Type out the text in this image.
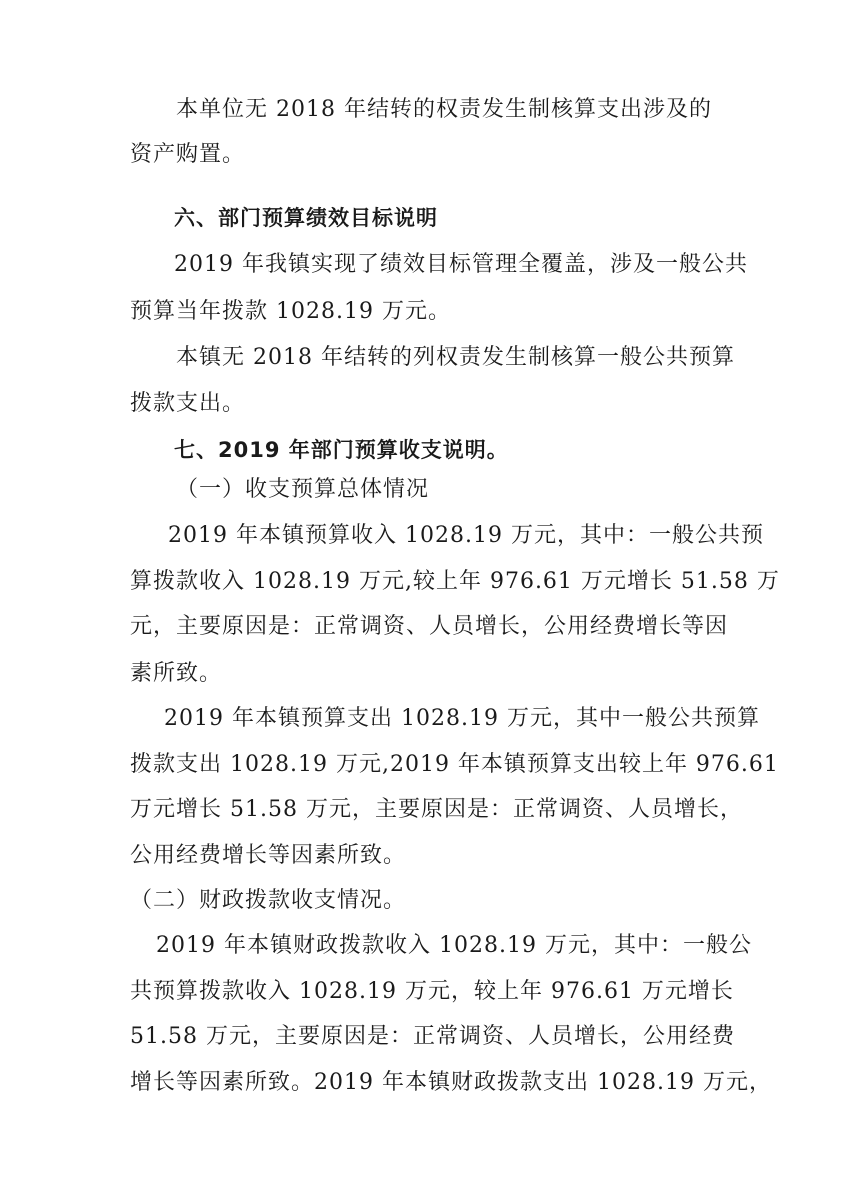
本单位无 2018 年结转的权责发生制核算支出涉及的
资产购置。
六、部门预算绩效目标说明
2019 年我镇实现了绩效目标管理全覆盖，涉及一般公共
预算当年拨款 1028.19 万元。
本镇无 2018 年结转的列权责发生制核算一般公共预算
拨款支出。
七、2019 年部门预算收支说明。
（一）收支预算总体情况
2019 年本镇预算收入 1028.19 万元，其中：一般公共预
算拨款收入 1028.19 万元,较上年 976.61 万元增长 51.58 万
元，主要原因是：正常调资、人员增长，公用经费增长等因
素所致。
2019 年本镇预算支出 1028.19 万元，其中一般公共预算
拨款支出 1028.19 万元,2019 年本镇预算支出较上年 976.61
万元增长 51.58 万元，主要原因是：正常调资、人员增长，
公用经费增长等因素所致。
（二）财政拨款收支情况。
2019 年本镇财政拨款收入 1028.19 万元，其中：一般公
共预算拨款收入 1028.19 万元，较上年 976.61 万元增长
51.58 万元，主要原因是：正常调资、人员增长，公用经费
增长等因素所致。2019 年本镇财政拨款支出 1028.19 万元，
